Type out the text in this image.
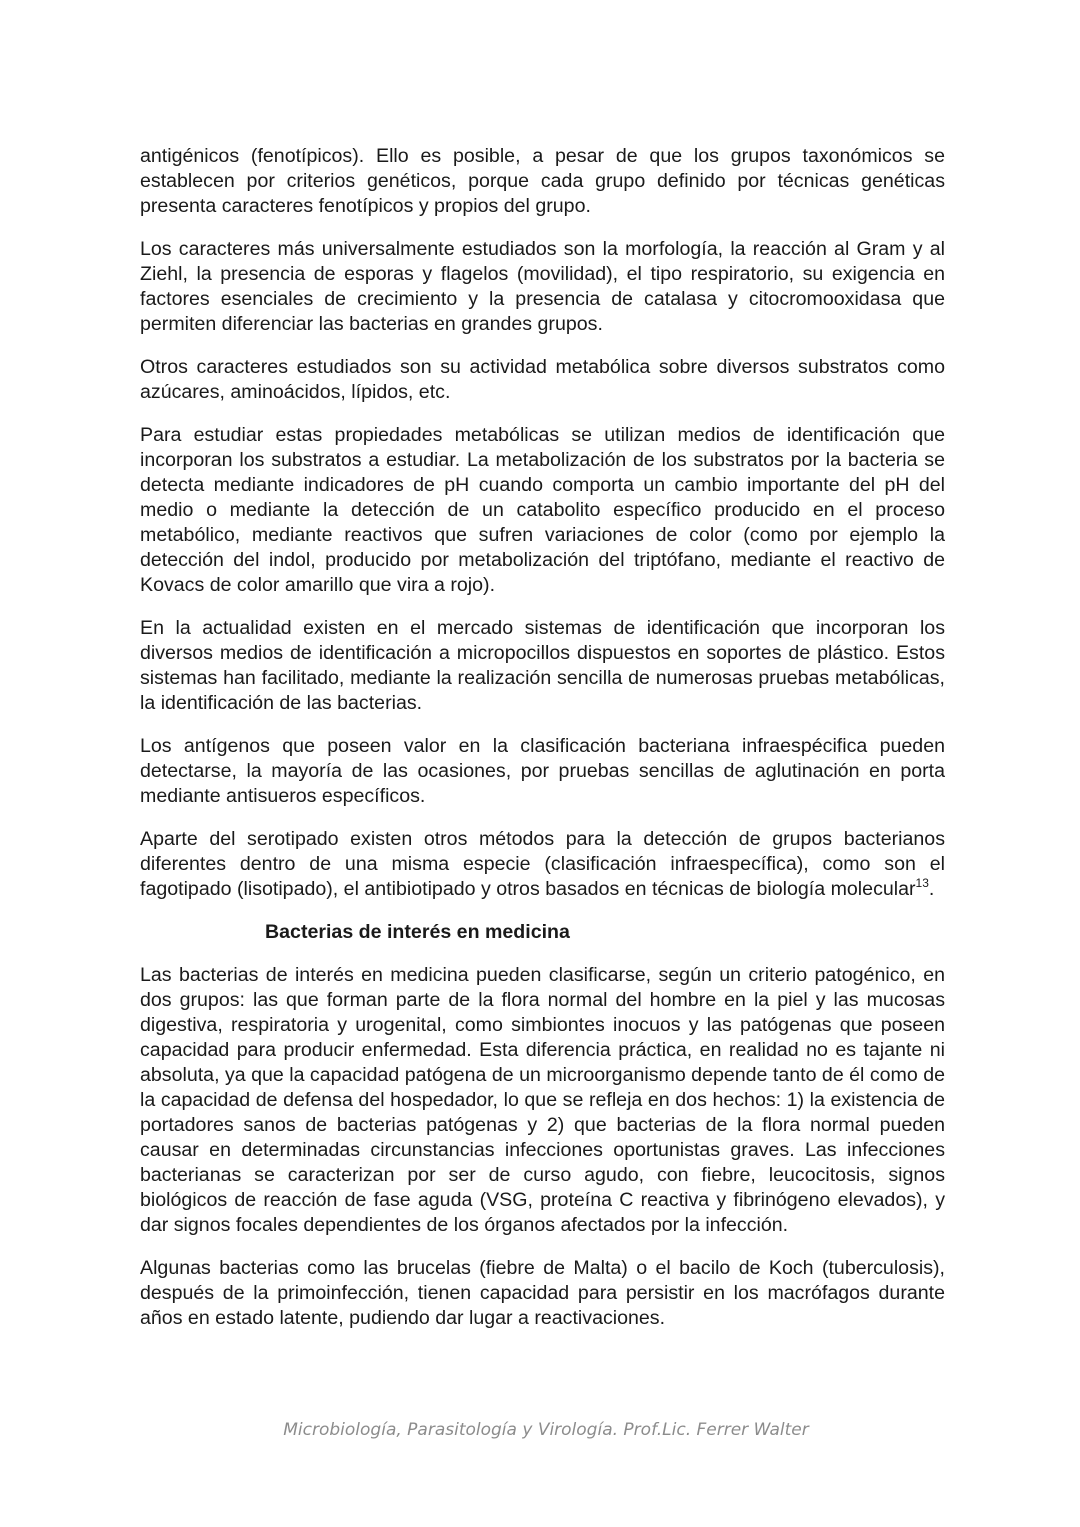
antigénicos (fenotípicos). Ello es posible, a pesar de que los grupos taxonómicos se establecen por criterios genéticos, porque cada grupo definido por técnicas genéticas presenta caracteres fenotípicos y propios del grupo.

Los caracteres más universalmente estudiados son la morfología, la reacción al Gram y al Ziehl, la presencia de esporas y flagelos (movilidad), el tipo respiratorio, su exigencia en factores esenciales de crecimiento y la presencia de catalasa y citocromooxidasa que permiten diferenciar las bacterias en grandes grupos.

Otros caracteres estudiados son su actividad metabólica sobre diversos substratos como azúcares, aminoácidos, lípidos, etc.

Para estudiar estas propiedades metabólicas se utilizan medios de identificación que incorporan los substratos a estudiar. La metabolización de los substratos por la bacteria se detecta mediante indicadores de pH cuando comporta un cambio importante del pH del medio o mediante la detección de un catabolito específico producido en el proceso metabólico, mediante reactivos que sufren variaciones de color (como por ejemplo la detección del indol, producido por metabolización del triptófano, mediante el reactivo de Kovacs de color amarillo que vira a rojo).

En la actualidad existen en el mercado sistemas de identificación que incorporan los diversos medios de identificación a micropocillos dispuestos en soportes de plástico. Estos sistemas han facilitado, mediante la realización sencilla de numerosas pruebas metabólicas, la identificación de las bacterias.

Los antígenos que poseen valor en la clasificación bacteriana infraespécifica pueden detectarse, la mayoría de las ocasiones, por pruebas sencillas de aglutinación en porta mediante antisueros específicos.

Aparte del serotipado existen otros métodos para la detección de grupos bacterianos diferentes dentro de una misma especie (clasificación infraespecífica), como son el fagotipado (lisotipado), el antibiotipado y otros basados en técnicas de biología molecular$^{13}$.

Bacterias de interés en medicina

Las bacterias de interés en medicina pueden clasificarse, según un criterio patogénico, en dos grupos: las que forman parte de la flora normal del hombre en la piel y las mucosas digestiva, respiratoria y urogenital, como simbiontes inocuos y las patógenas que poseen capacidad para producir enfermedad. Esta diferencia práctica, en realidad no es tajante ni absoluta, ya que la capacidad patógena de un microorganismo depende tanto de él como de la capacidad de defensa del hospedador, lo que se refleja en dos hechos: 1) la existencia de portadores sanos de bacterias patógenas y 2) que bacterias de la flora normal pueden causar en determinadas circunstancias infecciones oportunistas graves. Las infecciones bacterianas se caracterizan por ser de curso agudo, con fiebre, leucocitosis, signos biológicos de reacción de fase aguda (VSG, proteína C reactiva y fibrinógeno elevados), y dar signos focales dependientes de los órganos afectados por la infección.

Algunas bacterias como las brucelas (fiebre de Malta) o el bacilo de Koch (tuberculosis), después de la primoinfección, tienen capacidad para persistir en los macrófagos durante años en estado latente, pudiendo dar lugar a reactivaciones.

Microbiología, Parasitología y Virología. Prof.Lic. Ferrer Walter
